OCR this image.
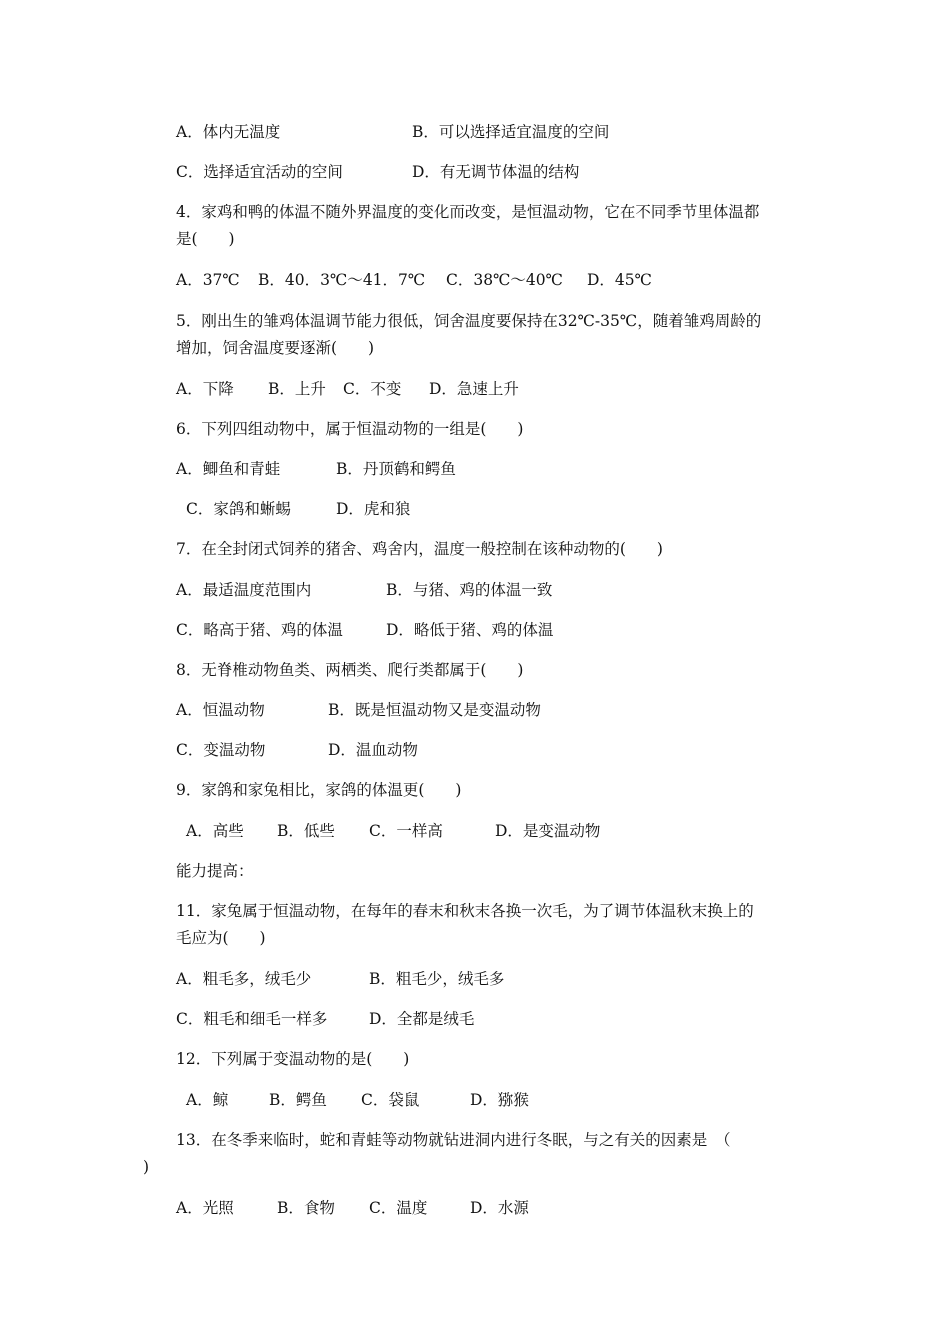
A．体内无温度	B．可以选择适宜温度的空间
C．选择适宜活动的空间	D．有无调节体温的结构
4．家鸡和鸭的体温不随外界温度的变化而改变，是恒温动物，它在不同季节里体温都
是(　　)
A．37℃ B．40．3℃～41．7℃ C．38℃～40℃ D．45℃
5．刚出生的雏鸡体温调节能力很低，饲舍温度要保持在32℃-35℃，随着雏鸡周龄的
增加，饲舍温度要逐渐(　　)
A．下降 B．上升 C．不变 D．急速上升
6．下列四组动物中，属于恒温动物的一组是(　　)
A．鲫鱼和青蛙	B．丹顶鹤和鳄鱼
C．家鸽和蜥蜴	D．虎和狼
7．在全封闭式饲养的猪舍、鸡舍内，温度一般控制在该种动物的(　　)
A．最适温度范围内	B．与猪、鸡的体温一致
C．略高于猪、鸡的体温	D．略低于猪、鸡的体温
8．无脊椎动物鱼类、两栖类、爬行类都属于(　　)
A．恒温动物	B．既是恒温动物又是变温动物
C．变温动物	D．温血动物
9．家鸽和家兔相比，家鸽的体温更(　　)
A．高些 B．低些 C．一样高	D．是变温动物
能力提高：
11．家兔属于恒温动物，在每年的春末和秋末各换一次毛，为了调节体温秋末换上的
毛应为(　　)
A．粗毛多，绒毛少	B．粗毛少，绒毛多
C．粗毛和细毛一样多	D．全都是绒毛
12．下列属于变温动物的是(　　)
A．鲸	B．鳄鱼 C．袋鼠	D．猕猴
13．在冬季来临时，蛇和青蛙等动物就钻进洞内进行冬眠，与之有关的因素是　（
)
A．光照	B．食物 C．温度	D．水源
